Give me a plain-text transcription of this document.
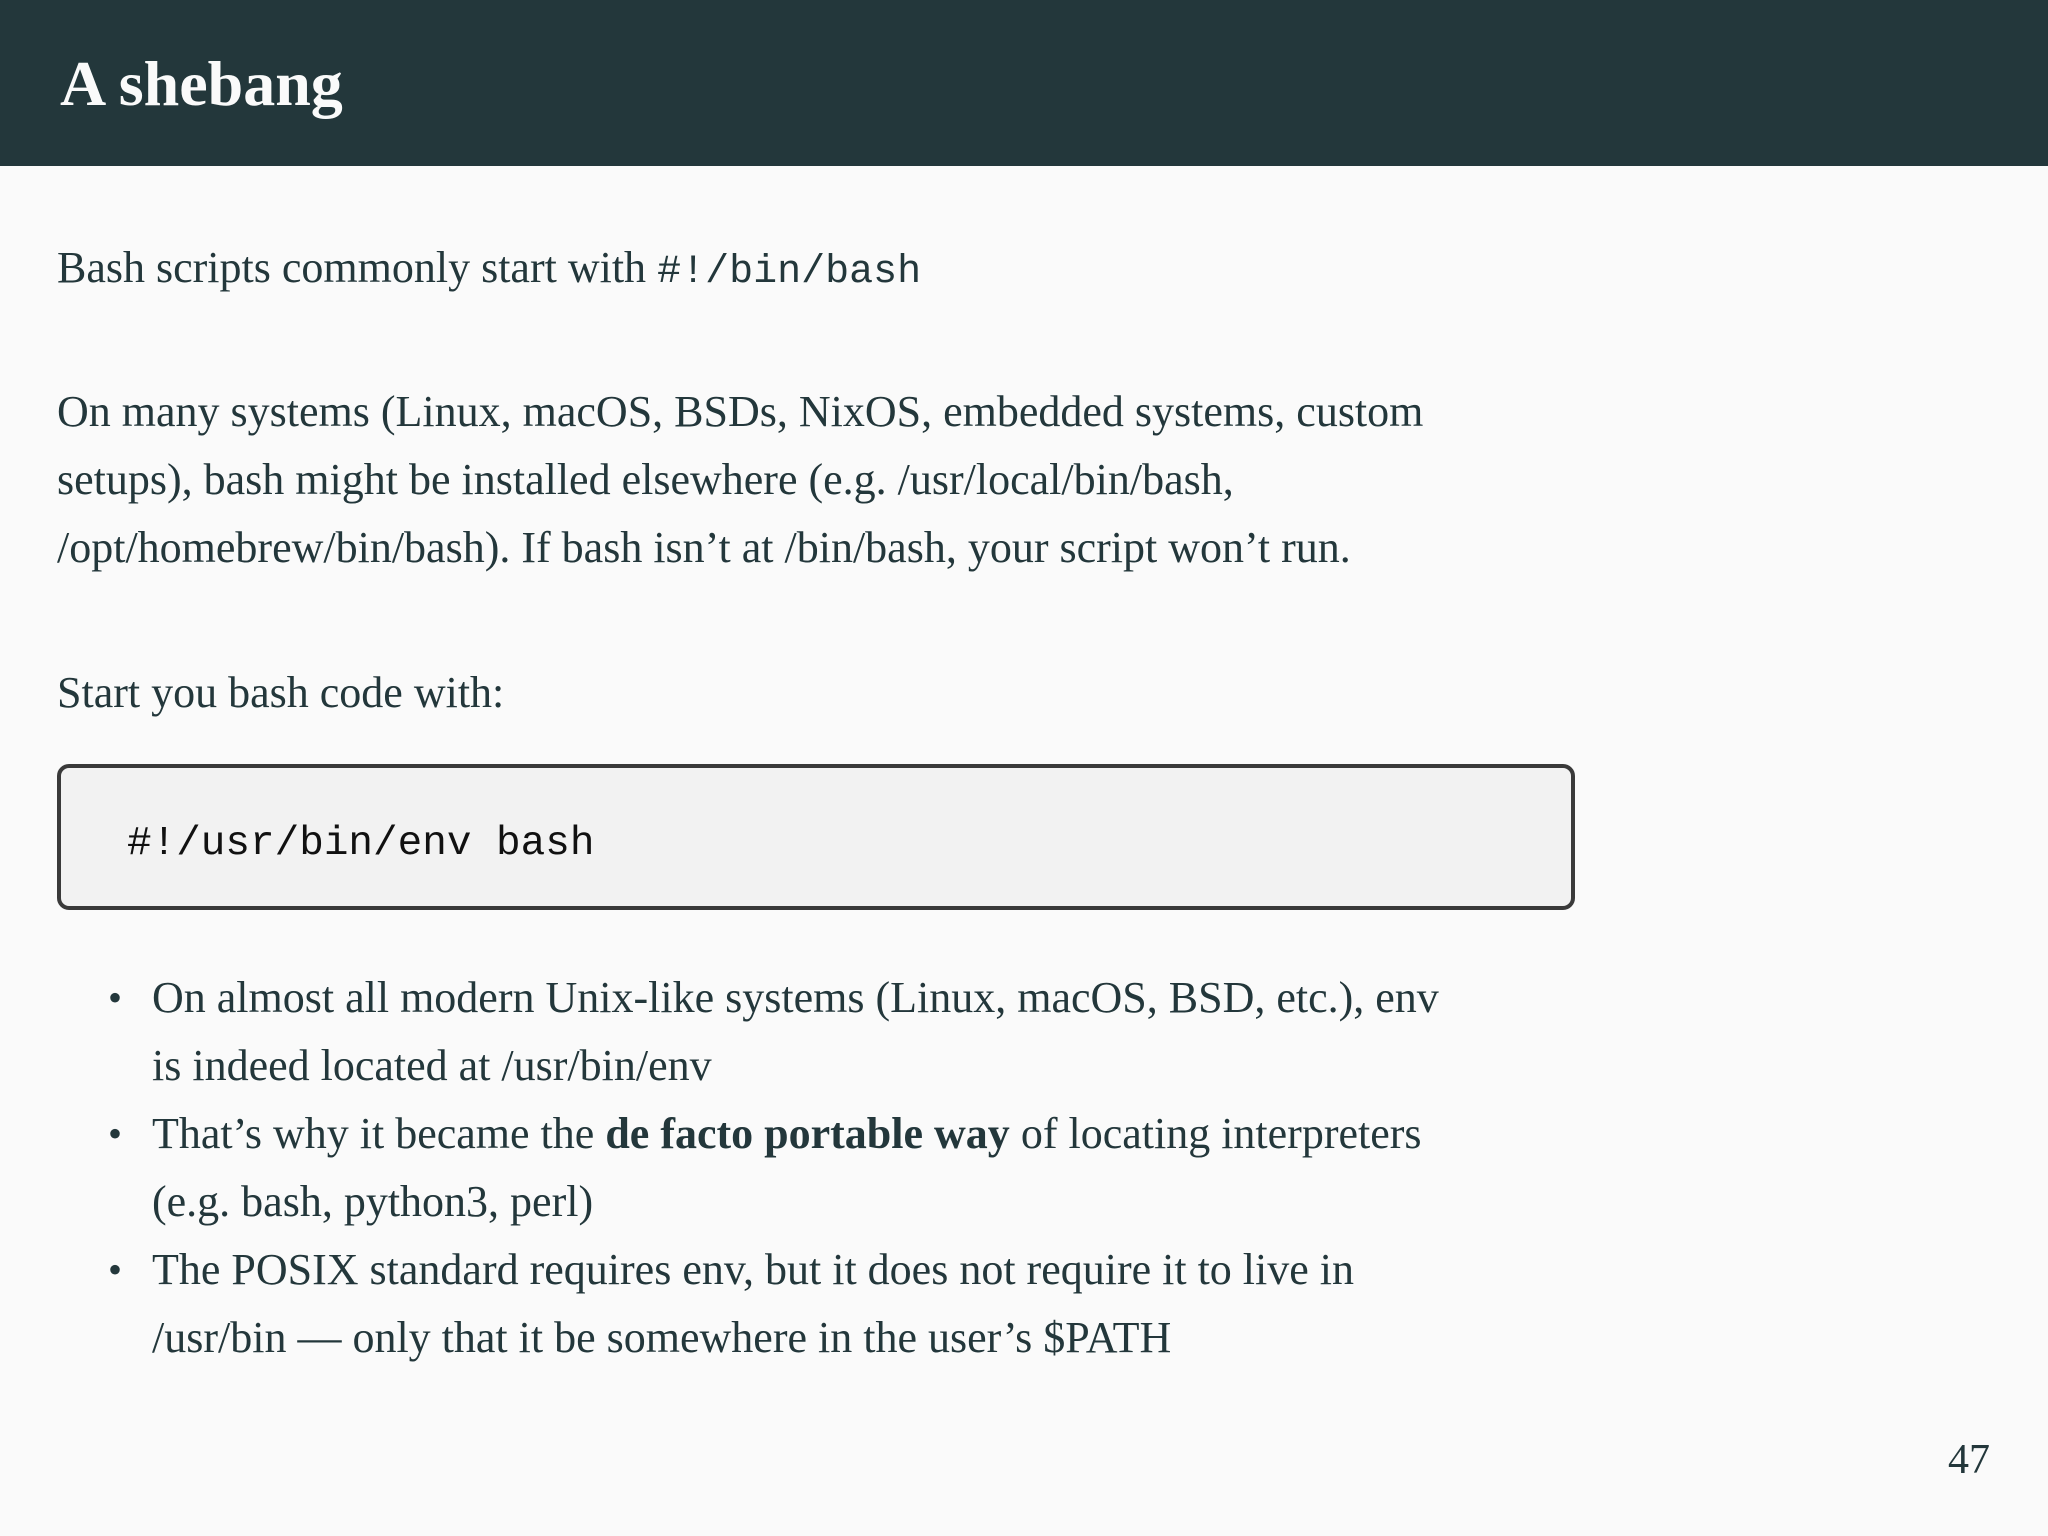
A shebang
Bash scripts commonly start with #!/bin/bash
On many systems (Linux, macOS, BSDs, NixOS, embedded systems, custom
setups), bash might be installed elsewhere (e.g. /usr/local/bin/bash,
/opt/homebrew/bin/bash). If bash isn’t at /bin/bash, your script won’t run.
Start you bash code with:
#!/usr/bin/env bash
• On almost all modern Unix-like systems (Linux, macOS, BSD, etc.), env
is indeed located at /usr/bin/env
• That’s why it became the de facto portable way of locating interpreters
(e.g. bash, python3, perl)
• The POSIX standard requires env, but it does not require it to live in
/usr/bin — only that it be somewhere in the user’s $PATH
47
